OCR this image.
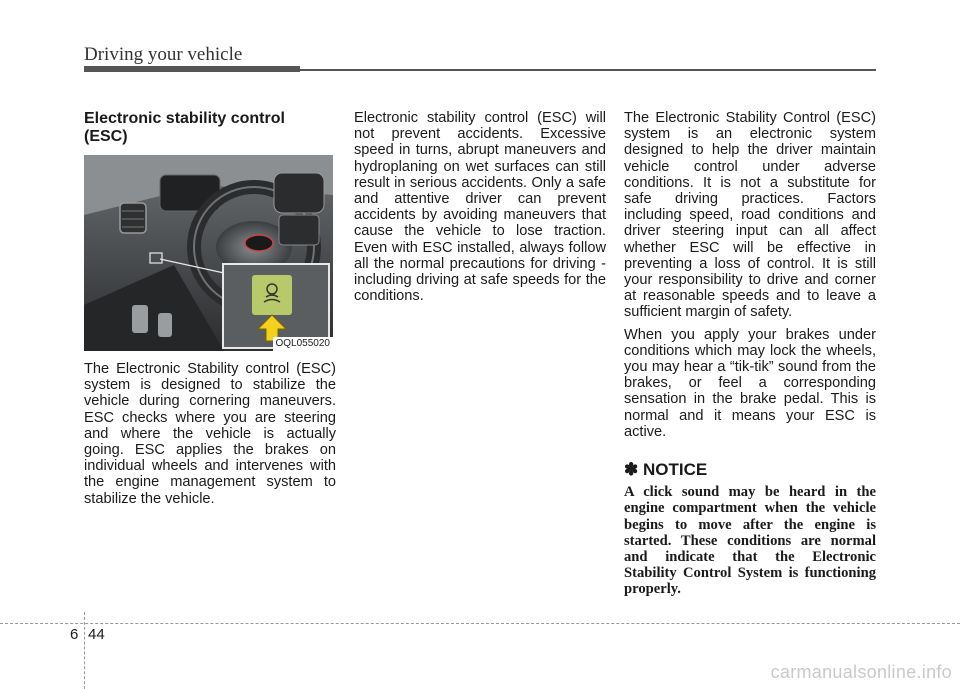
Driving your vehicle
Electronic stability control (ESC)
OQL055020

The Electronic Stability control (ESC) system is designed to stabilize the vehicle during cornering maneuvers. ESC checks where you are steering and where the vehicle is actually going. ESC applies the brakes on individual wheels and intervenes with the engine management system to stabilize the vehicle.

Electronic stability control (ESC) will not prevent accidents. Excessive speed in turns, abrupt maneuvers and hydroplaning on wet surfaces can still result in serious accidents. Only a safe and attentive driver can prevent accidents by avoiding maneuvers that cause the vehicle to lose traction. Even with ESC installed, always follow all the normal precautions for driving - including driving at safe speeds for the conditions.

The Electronic Stability Control (ESC) system is an electronic system designed to help the driver maintain vehicle control under adverse conditions. It is not a substitute for safe driving practices. Factors including speed, road conditions and driver steering input can all affect whether ESC will be effective in preventing a loss of control. It is still your responsibility to drive and corner at reasonable speeds and to leave a sufficient margin of safety.

When you apply your brakes under conditions which may lock the wheels, you may hear a “tik-tik” sound from the brakes, or feel a corresponding sensation in the brake pedal. This is normal and it means your ESC is active.

✽ NOTICE

A click sound may be heard in the engine compartment when the vehicle begins to move after the engine is started. These conditions are normal and indicate that the Electronic Stability Control System is functioning properly.

6 44
carmanualsonline.info
